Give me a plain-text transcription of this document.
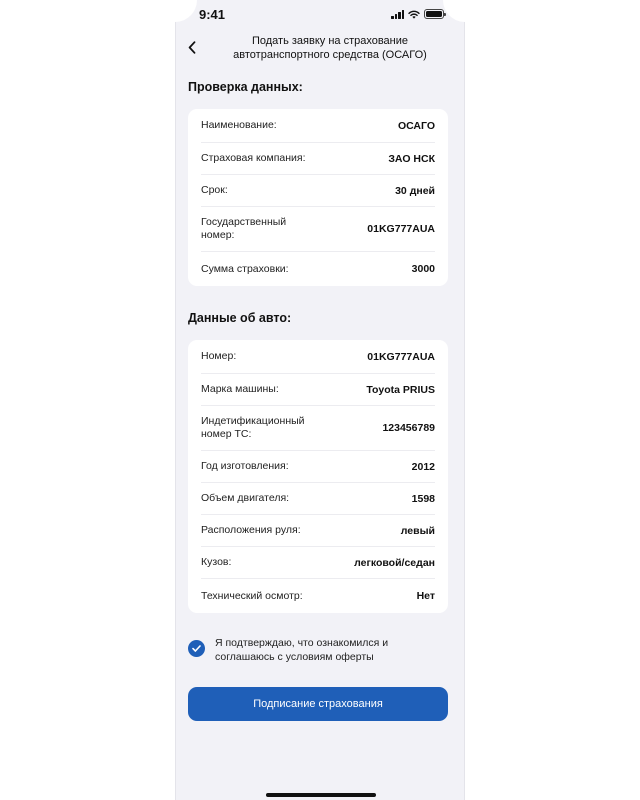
9:41
Подать заявку на страхование автотранспортного средства (ОСАГО)
Проверка данных:
Наименование:	ОСАГО
Страховая компания:	ЗАО НСК
Срок:	30 дней
Государственный номер:	01KG777AUA
Сумма страховки:	3000
Данные об авто:
Номер:	01KG777AUA
Марка машины:	Toyota PRIUS
Индетификационный номер ТС:	123456789
Год изготовления:	2012
Объем двигателя:	1598
Расположения руля:	левый
Кузов:	легковой/седан
Технический осмотр:	Нет
Я подтверждаю, что ознакомился и соглашаюсь с условиям оферты
Подписание страхования
